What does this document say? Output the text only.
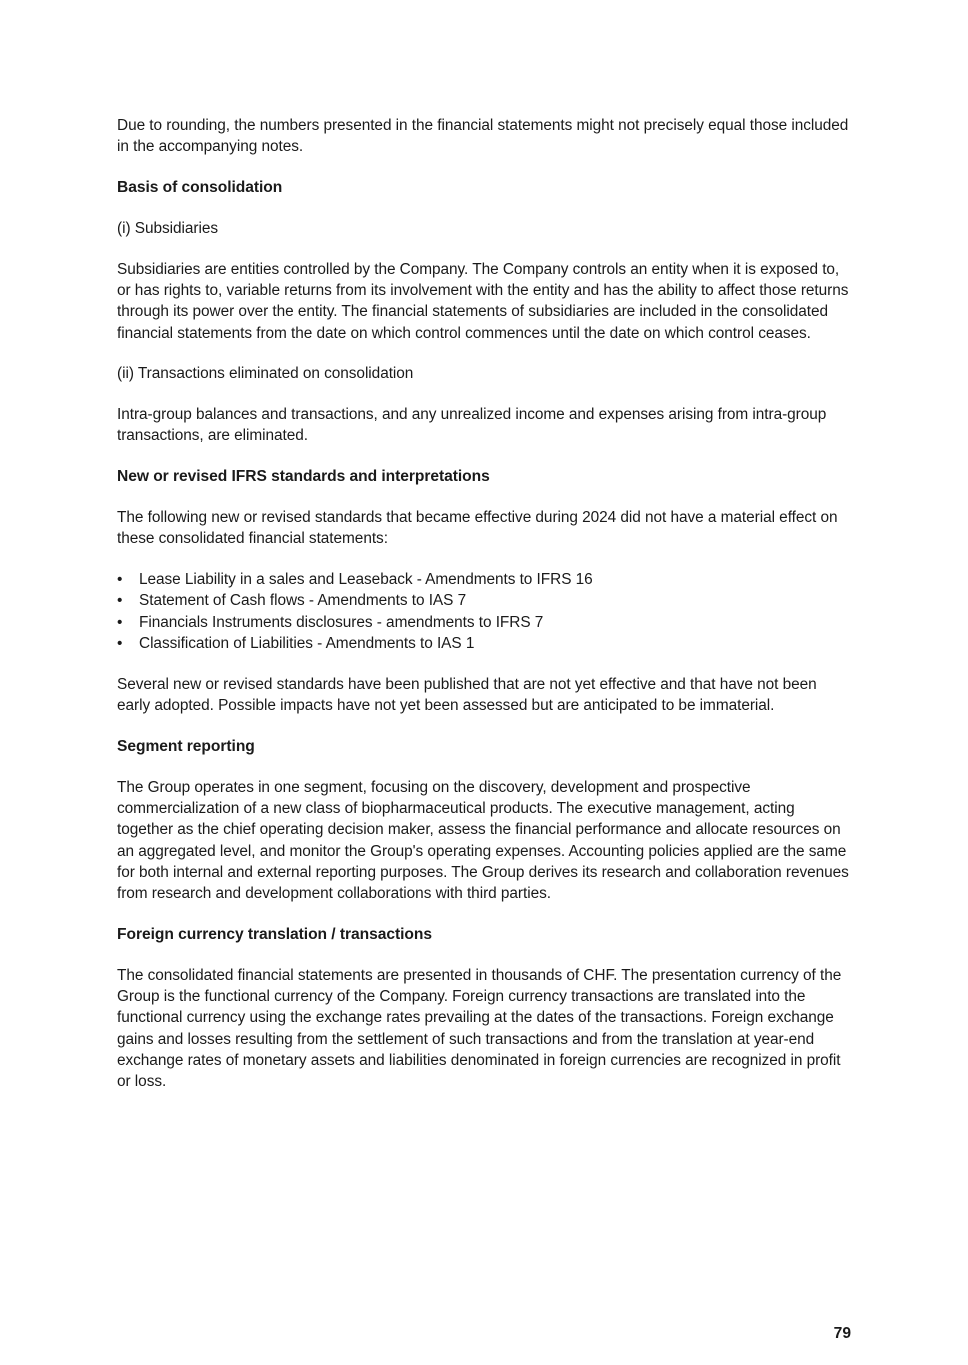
Due to rounding, the numbers presented in the financial statements might not precisely equal those included in the accompanying notes.

Basis of consolidation

(i) Subsidiaries

Subsidiaries are entities controlled by the Company. The Company controls an entity when it is exposed to, or has rights to, variable returns from its involvement with the entity and has the ability to affect those returns through its power over the entity. The financial statements of subsidiaries are included in the consolidated financial statements from the date on which control commences until the date on which control ceases.

(ii) Transactions eliminated on consolidation

Intra-group balances and transactions, and any unrealized income and expenses arising from intra-group transactions, are eliminated.

New or revised IFRS standards and interpretations

The following new or revised standards that became effective during 2024 did not have a material effect on these consolidated financial statements:

• Lease Liability in a sales and Leaseback - Amendments to IFRS 16
• Statement of Cash flows - Amendments to IAS 7
• Financials Instruments disclosures - amendments to IFRS 7
• Classification of Liabilities - Amendments to IAS 1

Several new or revised standards have been published that are not yet effective and that have not been early adopted. Possible impacts have not yet been assessed but are anticipated to be immaterial.

Segment reporting

The Group operates in one segment, focusing on the discovery, development and prospective commercialization of a new class of biopharmaceutical products. The executive management, acting together as the chief operating decision maker, assess the financial performance and allocate resources on an aggregated level, and monitor the Group's operating expenses. Accounting policies applied are the same for both internal and external reporting purposes. The Group derives its research and collaboration revenues from research and development collaborations with third parties.

Foreign currency translation / transactions

The consolidated financial statements are presented in thousands of CHF. The presentation currency of the Group is the functional currency of the Company. Foreign currency transactions are translated into the functional currency using the exchange rates prevailing at the dates of the transactions. Foreign exchange gains and losses resulting from the settlement of such transactions and from the translation at year-end exchange rates of monetary assets and liabilities denominated in foreign currencies are recognized in profit or loss.

79
